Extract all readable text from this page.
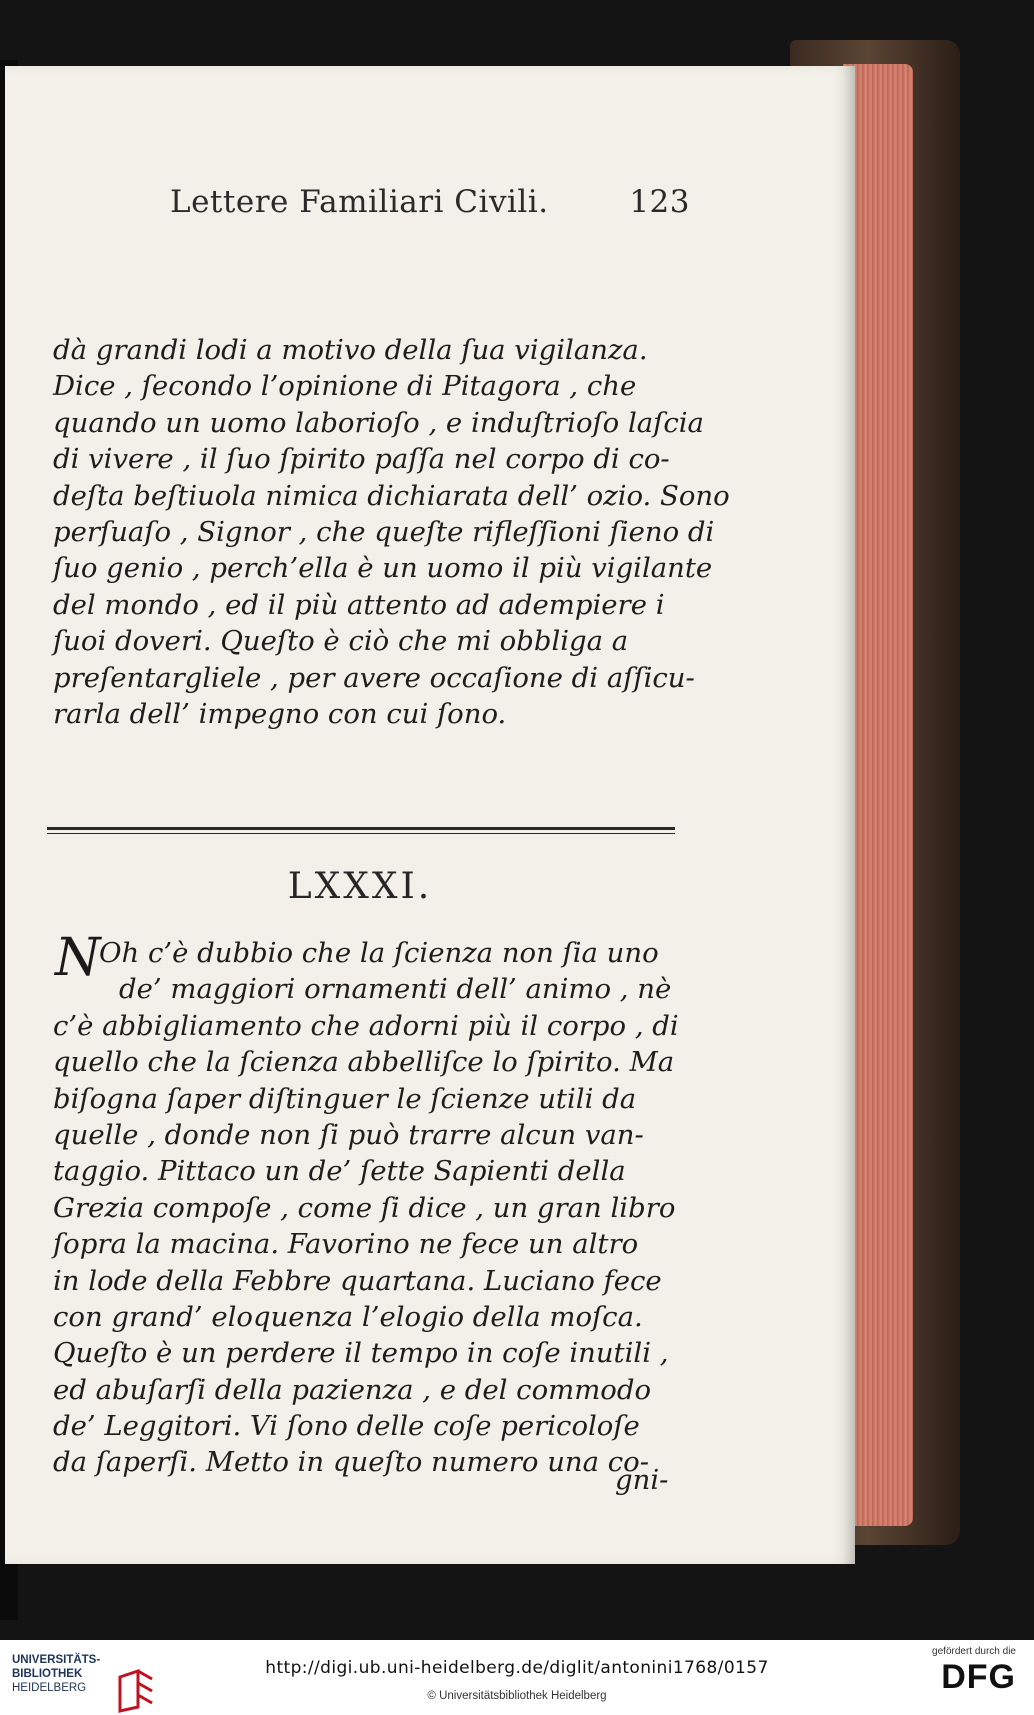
Lettere Familiari Civili.	123
dà grandi lodi a motivo della ſua vigilanza.
Dice , ſecondo l’opinione di Pitagora , che
quando un uomo laborioſo , e induſtrioſo laſcia
di vivere , il ſuo ſpirito paſſa nel corpo di co-
deſta beſtiuola nimica dichiarata dell’ ozio. Sono
perſuaſo , Signor , che queſte rifleſſioni ſieno di
ſuo genio , perch’ella è un uomo il più vigilante
del mondo , ed il più attento ad adempiere i
ſuoi doveri. Queſto è ciò che mi obbliga a
preſentargliele , per avere occaſione di aſſicu-
rarla dell’ impegno con cui ſono.
LXXXI.
N
Oh c’è dubbio che la ſcienza non ſia uno
de’ maggiori ornamenti dell’ animo , nè
c’è abbigliamento che adorni più il corpo , di
quello che la ſcienza abbelliſce lo ſpirito. Ma
biſogna ſaper diſtinguer le ſcienze utili da
quelle , donde non ſi può trarre alcun van-
taggio. Pittaco un de’ ſette Sapienti della
Grezia compoſe , come ſi dice , un gran libro
ſopra la macina. Favorino ne fece un altro
in lode della Febbre quartana. Luciano fece
con grand’ eloquenza l’elogio della moſca.
Queſto è un perdere il tempo in coſe inutili ,
ed abuſarſi della pazienza , e del commodo
de’ Leggitori. Vi ſono delle coſe pericoloſe
da ſaperſi. Metto in queſto numero una co-
gni-
UNIVERSITÄTS-
BIBLIOTHEK
HEIDELBERG
http://digi.ub.uni-heidelberg.de/diglit/antonini1768/0157
© Universitätsbibliothek Heidelberg
gefördert durch die
DFG
